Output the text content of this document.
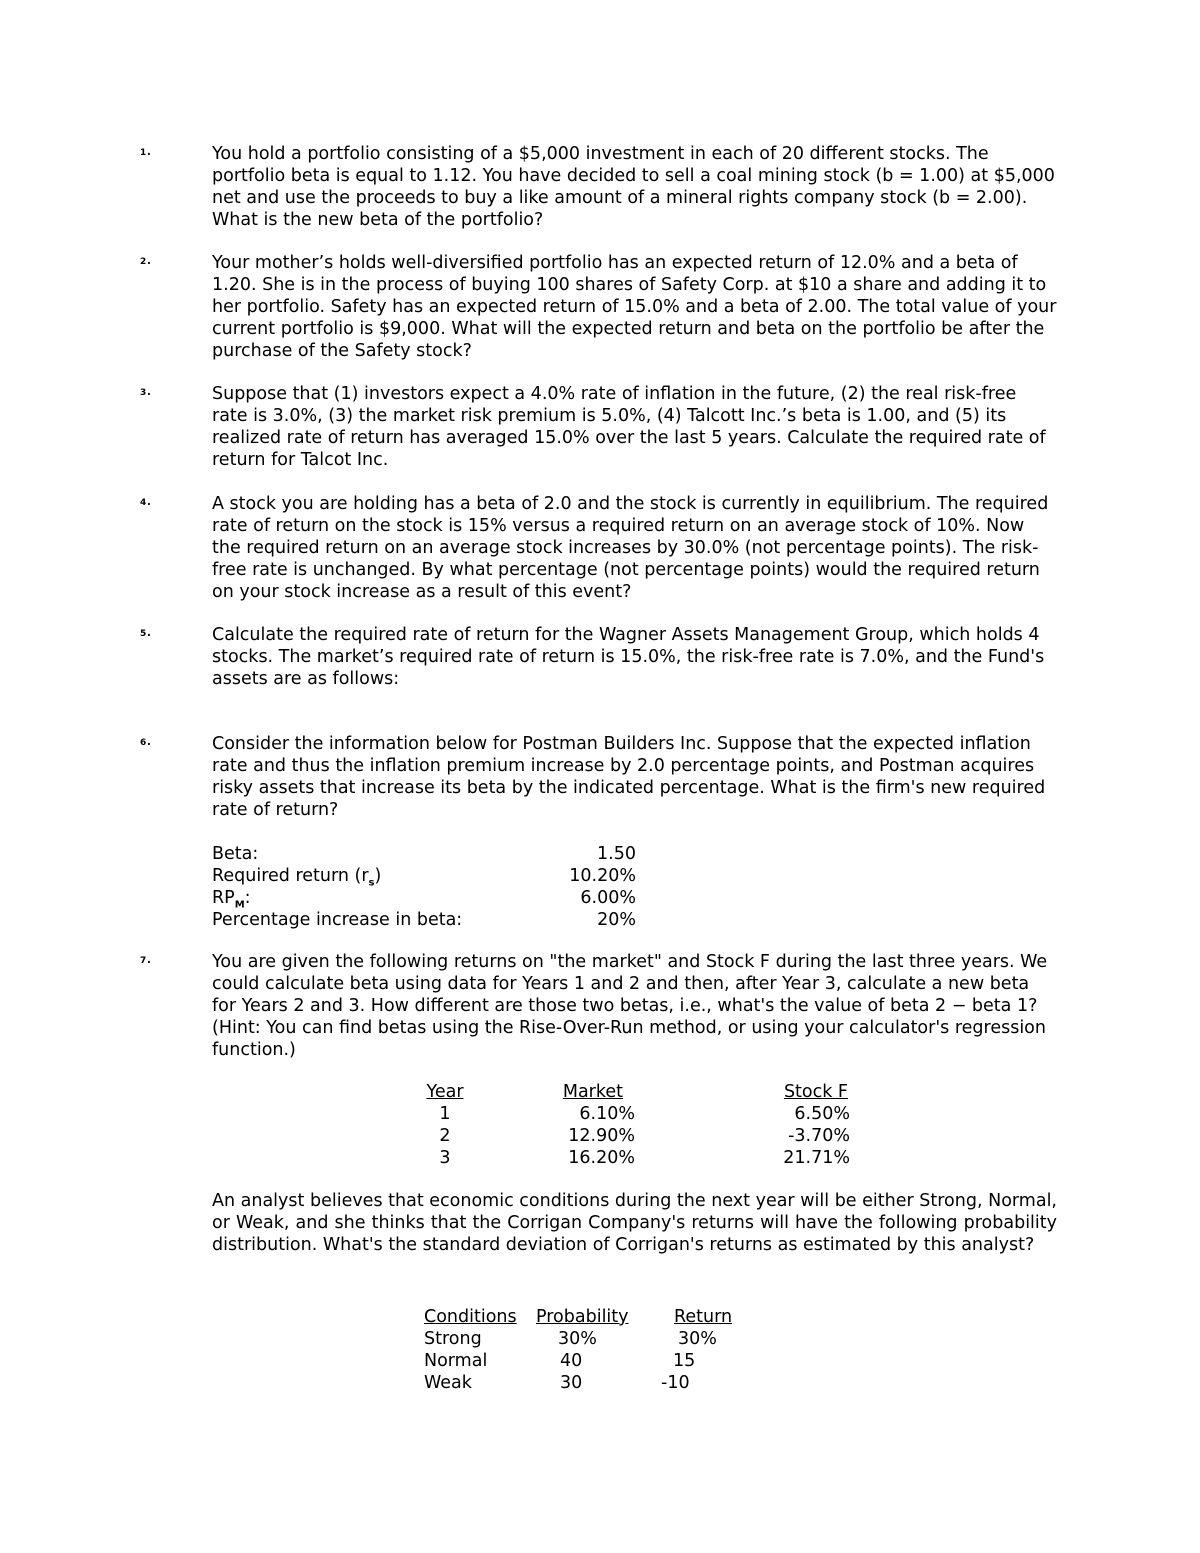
1.	You hold a portfolio consisting of a $5,000 investment in each of 20 different stocks. The portfolio beta is equal to 1.12. You have decided to sell a coal mining stock (b = 1.00) at $5,000 net and use the proceeds to buy a like amount of a mineral rights company stock (b = 2.00). What is the new beta of the portfolio?
2.	Your mother’s holds well-diversified portfolio has an expected return of 12.0% and a beta of 1.20. She is in the process of buying 100 shares of Safety Corp. at $10 a share and adding it to her portfolio. Safety has an expected return of 15.0% and a beta of 2.00. The total value of your current portfolio is $9,000. What will the expected return and beta on the portfolio be after the purchase of the Safety stock?
3.	Suppose that (1) investors expect a 4.0% rate of inflation in the future, (2) the real risk-free rate is 3.0%, (3) the market risk premium is 5.0%, (4) Talcott Inc.’s beta is 1.00, and (5) its realized rate of return has averaged 15.0% over the last 5 years. Calculate the required rate of return for Talcot Inc.
4.	A stock you are holding has a beta of 2.0 and the stock is currently in equilibrium. The required rate of return on the stock is 15% versus a required return on an average stock of 10%. Now the required return on an average stock increases by 30.0% (not percentage points). The risk-free rate is unchanged. By what percentage (not percentage points) would the required return on your stock increase as a result of this event?
5.	Calculate the required rate of return for the Wagner Assets Management Group, which holds 4 stocks. The market’s required rate of return is 15.0%, the risk-free rate is 7.0%, and the Fund's assets are as follows:
6.	Consider the information below for Postman Builders Inc. Suppose that the expected inflation rate and thus the inflation premium increase by 2.0 percentage points, and Postman acquires risky assets that increase its beta by the indicated percentage. What is the firm's new required rate of return?
Beta:	1.50
Required return $(r_s)$	10.20%
$RP_M$:	6.00%
Percentage increase in beta:	20%
7.	You are given the following returns on "the market" and Stock F during the last three years. We could calculate beta using data for Years 1 and 2 and then, after Year 3, calculate a new beta for Years 2 and 3. How different are those two betas, i.e., what's the value of beta 2 − beta 1? (Hint: You can find betas using the Rise-Over-Run method, or using your calculator's regression function.)
Year	Market	Stock F
1	6.10%	6.50%
2	12.90%	-3.70%
3	16.20%	21.71%
An analyst believes that economic conditions during the next year will be either Strong, Normal, or Weak, and she thinks that the Corrigan Company's returns will have the following probability distribution. What's the standard deviation of Corrigan's returns as estimated by this analyst?
Conditions	Probability	Return
Strong	30%	30%
Normal	40	15
Weak	30	-10
